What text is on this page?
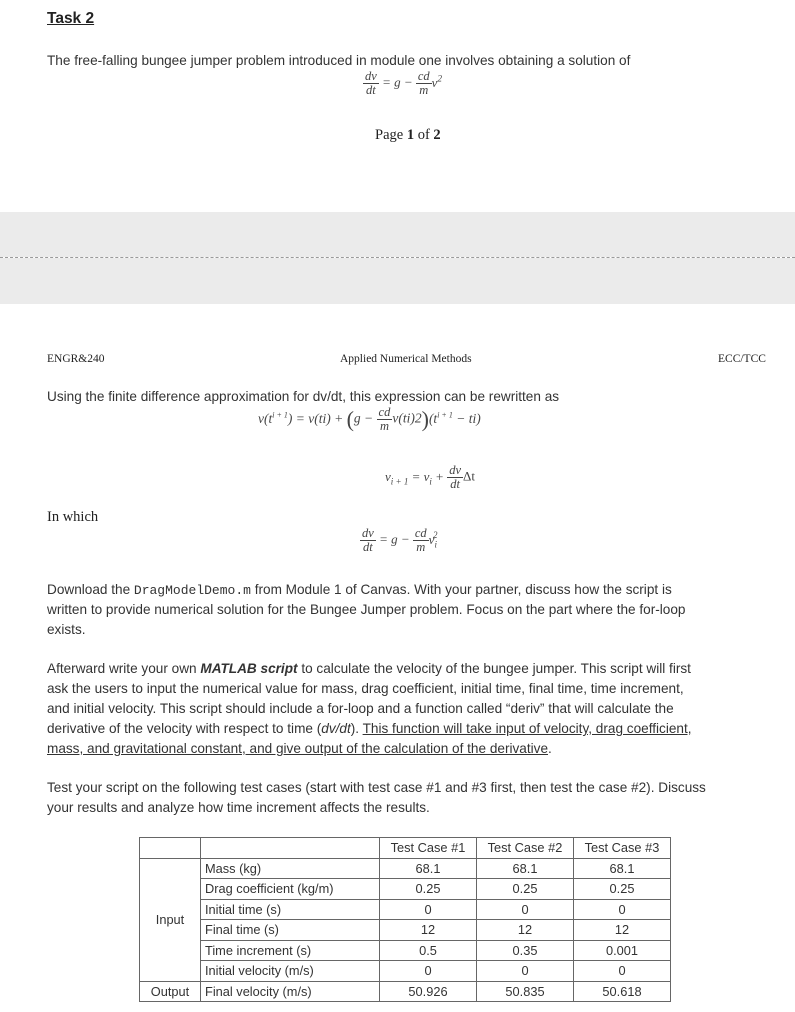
Task 2
The free-falling bungee jumper problem introduced in module one involves obtaining a solution of
$\frac{dv}{dt} = g - \frac{cd}{m} v^2$
Page 1 of 2
ENGR&240	Applied Numerical Methods	ECC/TCC
Using the finite difference approximation for dv/dt, this expression can be rewritten as
$v(t^i$ $^{+ 1}) = v(ti) + (g - \frac{cd}{m} v(ti)2)(t^i$ $^{+ 1}$ − ti)
$v_{i + 1} = v_i + \frac{dv}{dt}$ Δt
In which
$\frac{dv}{dt} = g - \frac{cd}{m} v_i^2$
Download the DragModelDemo.m from Module 1 of Canvas. With your partner, discuss how the script is
written to provide numerical solution for the Bungee Jumper problem. Focus on the part where the for-loop
exists.
Afterward write your own MATLAB script to calculate the velocity of the bungee jumper. This script will first
ask the users to input the numerical value for mass, drag coefficient, initial time, final time, time increment,
and initial velocity. This script should include a for-loop and a function called “deriv” that will calculate the
derivative of the velocity with respect to time (dv/dt). This function will take input of velocity, drag coefficient,
mass, and gravitational constant, and give output of the calculation of the derivative.
Test your script on the following test cases (start with test case #1 and #3 first, then test the case #2). Discuss
your results and analyze how time increment affects the results.
		Test Case #1	Test Case #2	Test Case #3
Input	Mass (kg)	68.1	68.1	68.1
	Drag coefficient (kg/m)	0.25	0.25	0.25
	Initial time (s)	0	0	0
	Final time (s)	12	12	12
	Time increment (s)	0.5	0.35	0.001
	Initial velocity (m/s)	0	0	0
Output	Final velocity (m/s)	50.926	50.835	50.618
